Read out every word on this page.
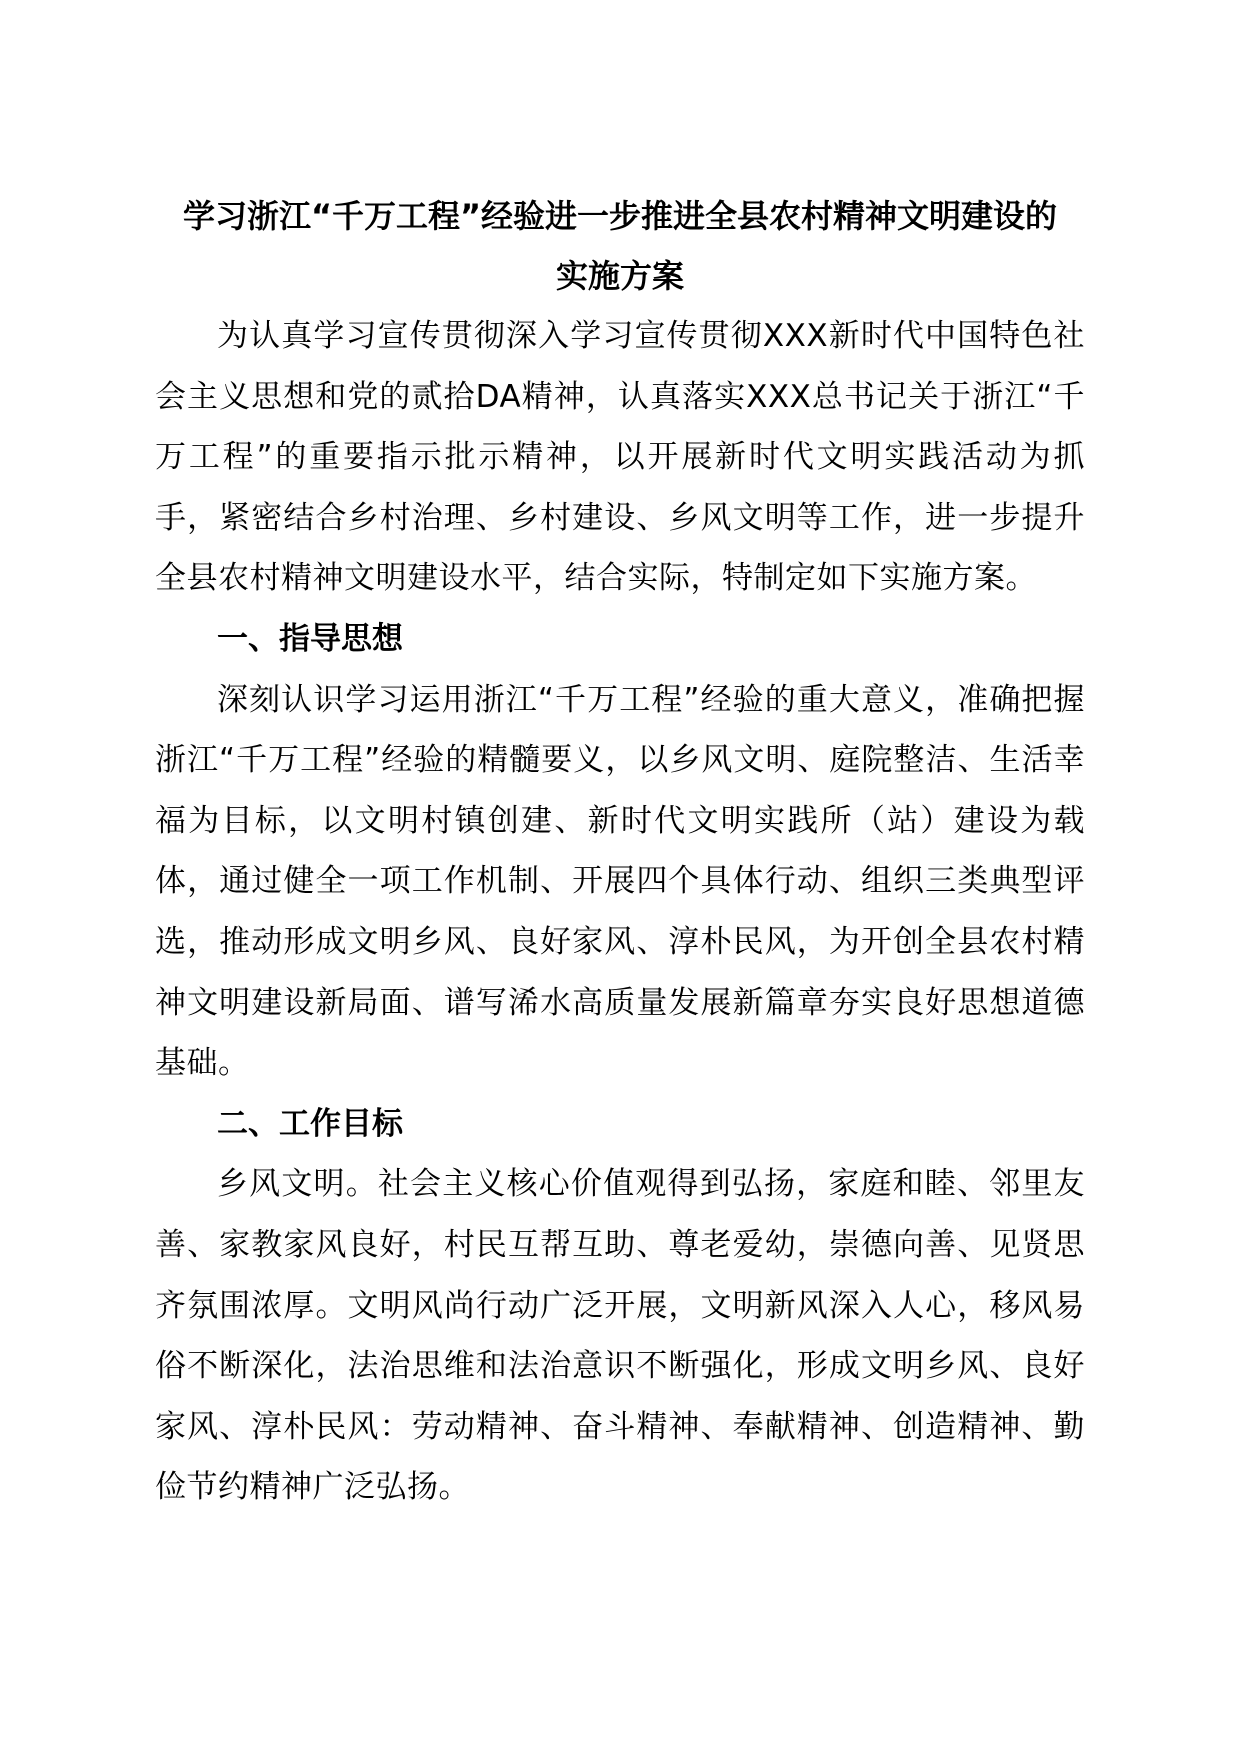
学习浙江“千万工程”经验进一步推进全县农村精神文明建设的
实施方案

为认真学习宣传贯彻深入学习宣传贯彻XXX新时代中国特色社会主义思想和党的贰拾DA精神，认真落实XXX总书记关于浙江“千万工程”的重要指示批示精神，以开展新时代文明实践活动为抓手，紧密结合乡村治理、乡村建设、乡风文明等工作，进一步提升全县农村精神文明建设水平，结合实际，特制定如下实施方案。

一、指导思想

深刻认识学习运用浙江“千万工程”经验的重大意义，准确把握浙江“千万工程”经验的精髓要义，以乡风文明、庭院整洁、生活幸福为目标，以文明村镇创建、新时代文明实践所（站）建设为载体，通过健全一项工作机制、开展四个具体行动、组织三类典型评选，推动形成文明乡风、良好家风、淳朴民风，为开创全县农村精神文明建设新局面、谱写浠水高质量发展新篇章夯实良好思想道德基础。

二、工作目标

乡风文明。社会主义核心价值观得到弘扬，家庭和睦、邻里友善、家教家风良好，村民互帮互助、尊老爱幼，崇德向善、见贤思齐氛围浓厚。文明风尚行动广泛开展，文明新风深入人心，移风易俗不断深化，法治思维和法治意识不断强化，形成文明乡风、良好家风、淳朴民风：劳动精神、奋斗精神、奉献精神、创造精神、勤俭节约精神广泛弘扬。
